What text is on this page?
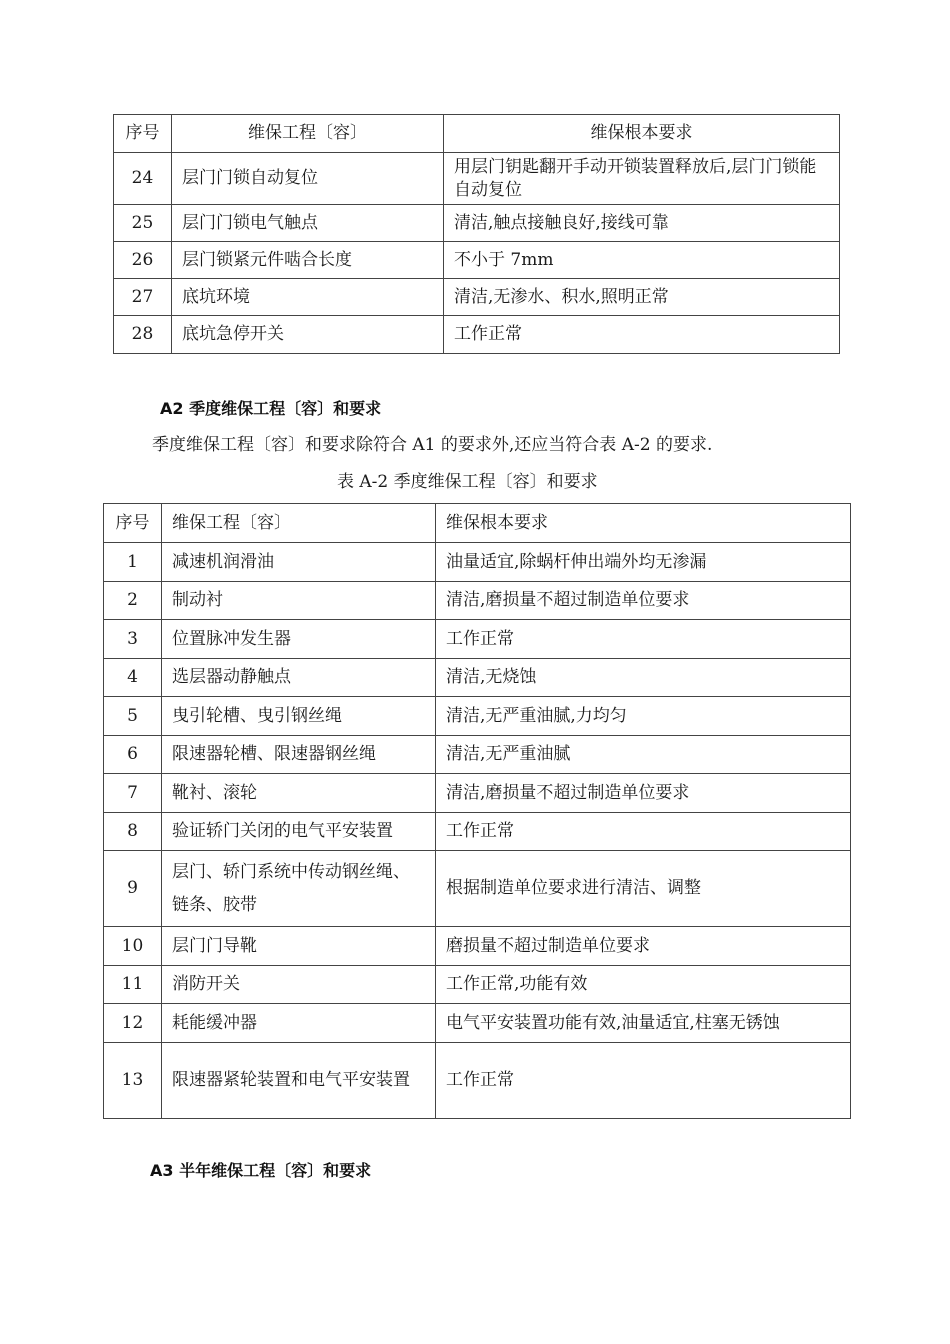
序号	维保工程〔容〕	维保根本要求
24	层门门锁自动复位	用层门钥匙翻开手动开锁装置释放后,层门门锁能自动复位
25	层门门锁电气触点	清洁,触点接触良好,接线可靠
26	层门锁紧元件啮合长度	不小于 7mm
27	底坑环境	清洁,无渗水、积水,照明正常
28	底坑急停开关	工作正常
A2 季度维保工程〔容〕和要求
季度维保工程〔容〕和要求除符合 A1 的要求外,还应当符合表 A-2 的要求.
表 A-2 季度维保工程〔容〕和要求
序号	维保工程〔容〕	维保根本要求
1	减速机润滑油	油量适宜,除蜗杆伸出端外均无渗漏
2	制动衬	清洁,磨损量不超过制造单位要求
3	位置脉冲发生器	工作正常
4	选层器动静触点	清洁,无烧蚀
5	曳引轮槽、曳引钢丝绳	清洁,无严重油腻,力均匀
6	限速器轮槽、限速器钢丝绳	清洁,无严重油腻
7	靴衬、滚轮	清洁,磨损量不超过制造单位要求
8	验证轿门关闭的电气平安装置	工作正常
9	层门、轿门系统中传动钢丝绳、 链条、胶带	根据制造单位要求进行清洁、调整
10	层门门导靴	磨损量不超过制造单位要求
11	消防开关	工作正常,功能有效
12	耗能缓冲器	电气平安装置功能有效,油量适宜,柱塞无锈蚀
13	限速器紧轮装置和电气平安装置	工作正常
A3 半年维保工程〔容〕和要求
